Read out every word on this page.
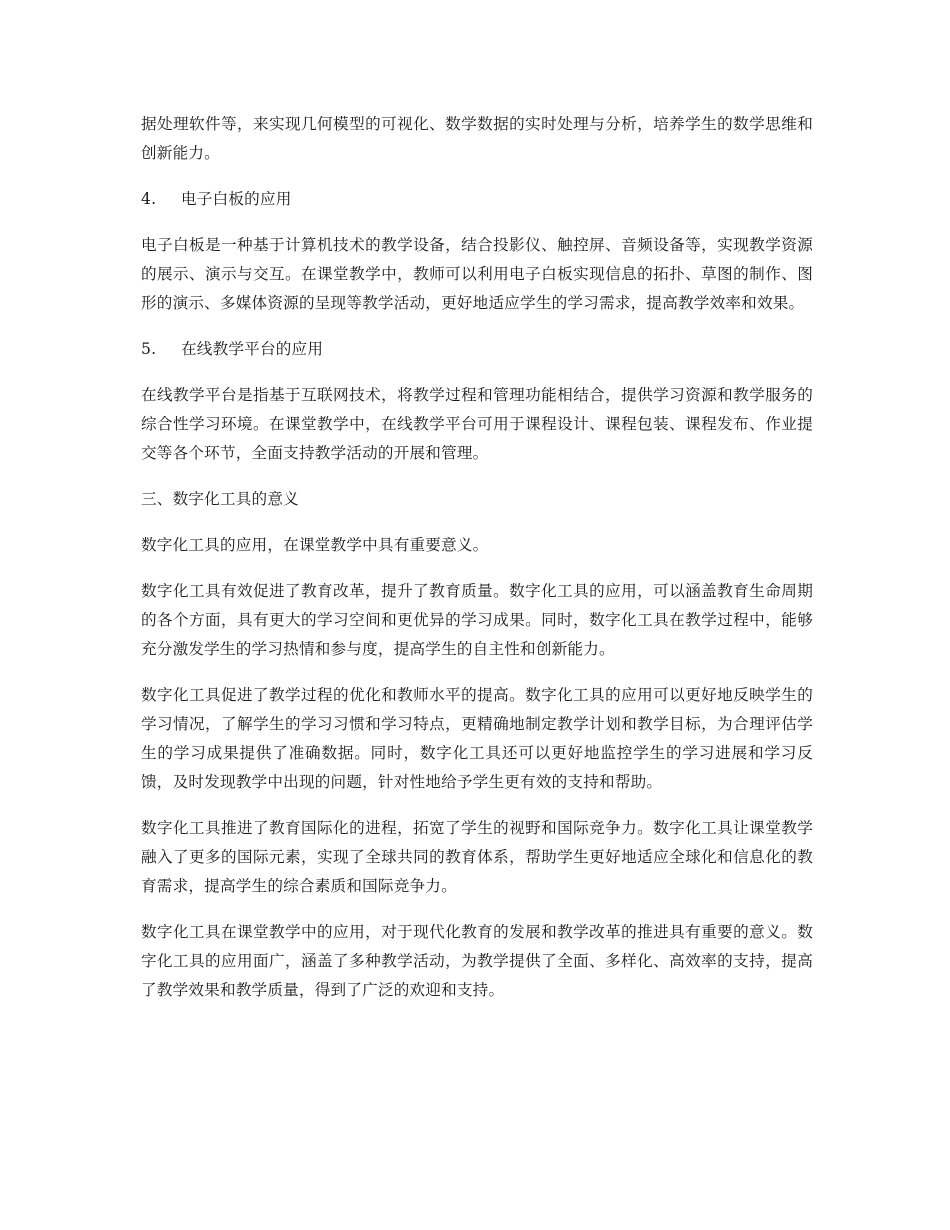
据处理软件等，来实现几何模型的可视化、数学数据的实时处理与分析，培养学生的数学思维和创新能力。

4. 电子白板的应用

电子白板是一种基于计算机技术的教学设备，结合投影仪、触控屏、音频设备等，实现教学资源的展示、演示与交互。在课堂教学中，教师可以利用电子白板实现信息的拓扑、草图的制作、图形的演示、多媒体资源的呈现等教学活动，更好地适应学生的学习需求，提高教学效率和效果。

5. 在线教学平台的应用

在线教学平台是指基于互联网技术，将教学过程和管理功能相结合，提供学习资源和教学服务的综合性学习环境。在课堂教学中，在线教学平台可用于课程设计、课程包装、课程发布、作业提交等各个环节，全面支持教学活动的开展和管理。

三、数字化工具的意义

数字化工具的应用，在课堂教学中具有重要意义。

数字化工具有效促进了教育改革，提升了教育质量。数字化工具的应用，可以涵盖教育生命周期的各个方面，具有更大的学习空间和更优异的学习成果。同时，数字化工具在教学过程中，能够充分激发学生的学习热情和参与度，提高学生的自主性和创新能力。

数字化工具促进了教学过程的优化和教师水平的提高。数字化工具的应用可以更好地反映学生的学习情况，了解学生的学习习惯和学习特点，更精确地制定教学计划和教学目标，为合理评估学生的学习成果提供了准确数据。同时，数字化工具还可以更好地监控学生的学习进展和学习反馈，及时发现教学中出现的问题，针对性地给予学生更有效的支持和帮助。

数字化工具推进了教育国际化的进程，拓宽了学生的视野和国际竞争力。数字化工具让课堂教学融入了更多的国际元素，实现了全球共同的教育体系，帮助学生更好地适应全球化和信息化的教育需求，提高学生的综合素质和国际竞争力。

数字化工具在课堂教学中的应用，对于现代化教育的发展和教学改革的推进具有重要的意义。数字化工具的应用面广，涵盖了多种教学活动，为教学提供了全面、多样化、高效率的支持，提高了教学效果和教学质量，得到了广泛的欢迎和支持。
